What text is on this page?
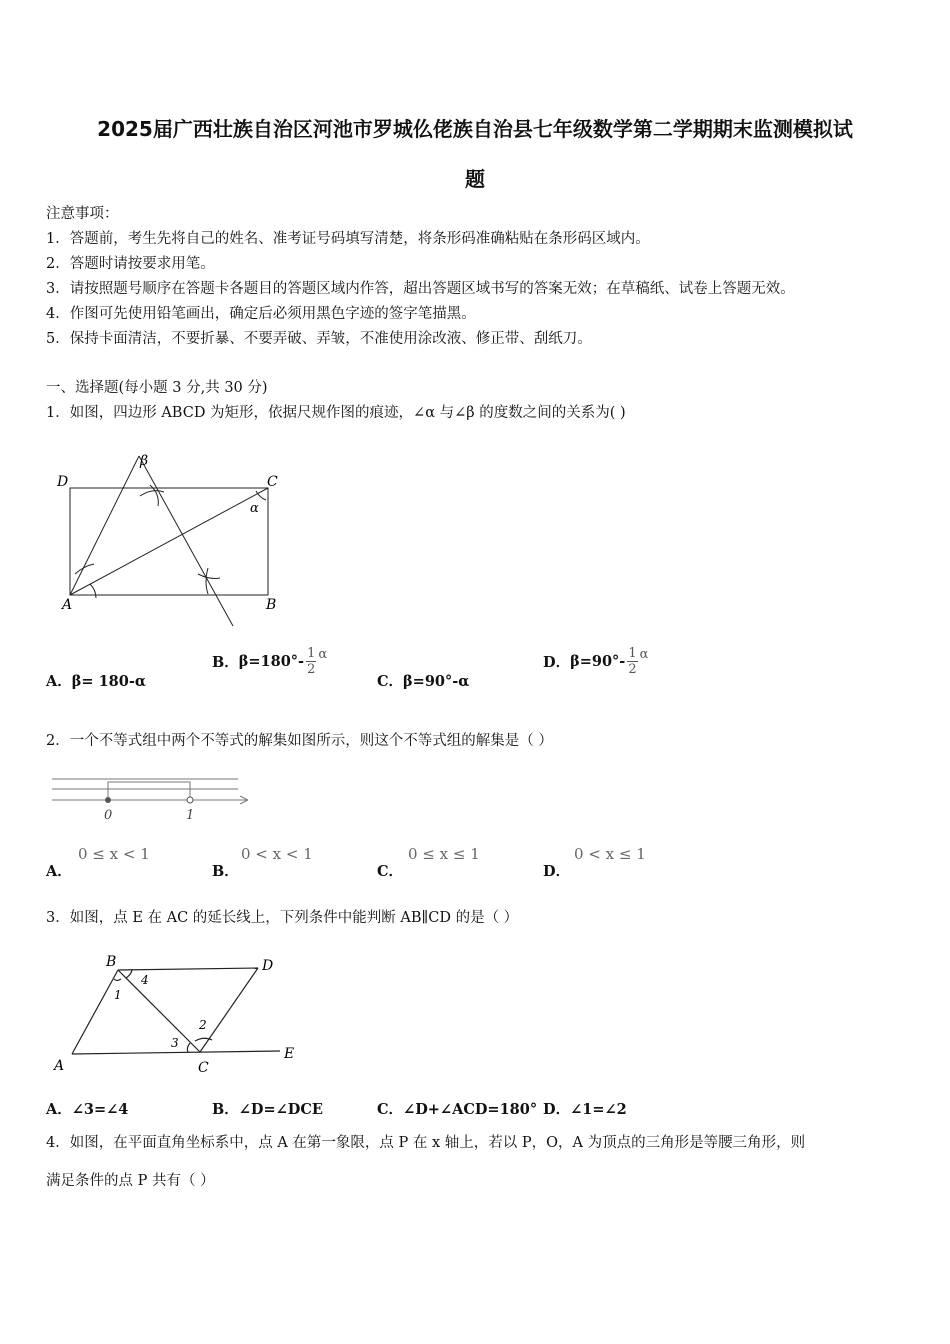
2025届广西壮族自治区河池市罗城仫佬族自治县七年级数学第二学期期末监测模拟试
题
注意事项：
1．答题前，考生先将自己的姓名、准考证号码填写清楚，将条形码准确粘贴在条形码区域内。
2．答题时请按要求用笔。
3．请按照题号顺序在答题卡各题目的答题区域内作答，超出答题区域书写的答案无效；在草稿纸、试卷上答题无效。
4．作图可先使用铅笔画出，确定后必须用黑色字迹的签字笔描黑。
5．保持卡面清洁，不要折暴、不要弄破、弄皱，不准使用涂改液、修正带、刮纸刀。
一、选择题(每小题 3 分,共 30 分)
1．如图，四边形 ABCD 为矩形，依据尺规作图的痕迹，∠α 与∠β 的度数之间的关系为( )
D	C
A	B
α
β
A．β= 180-α
B．$\beta=180^\circ- \frac{1}{2}$ α
C．β=90°-α
D．$\beta=90^\circ- \frac{1}{2}$ α
2．一个不等式组中两个不等式的解集如图所示，则这个不等式组的解集是（ ）
0	1
A．
0 ≤ x < 1
B．
0 < x < 1
C．
0 ≤ x ≤ 1
D．
0 < x ≤ 1
3．如图，点 E 在 AC 的延长线上，下列条件中能判断 AB∥CD 的是（ ）
B	D
A	C
E
1
2
3
4
A．∠3=∠4	B．∠D=∠DCE	C．∠D+∠ACD=180° D．∠1=∠2
4．如图，在平面直角坐标系中，点 A 在第一象限，点 P 在 x 轴上，若以 P，O，A 为顶点的三角形是等腰三角形，则
满足条件的点 P 共有（ ）
